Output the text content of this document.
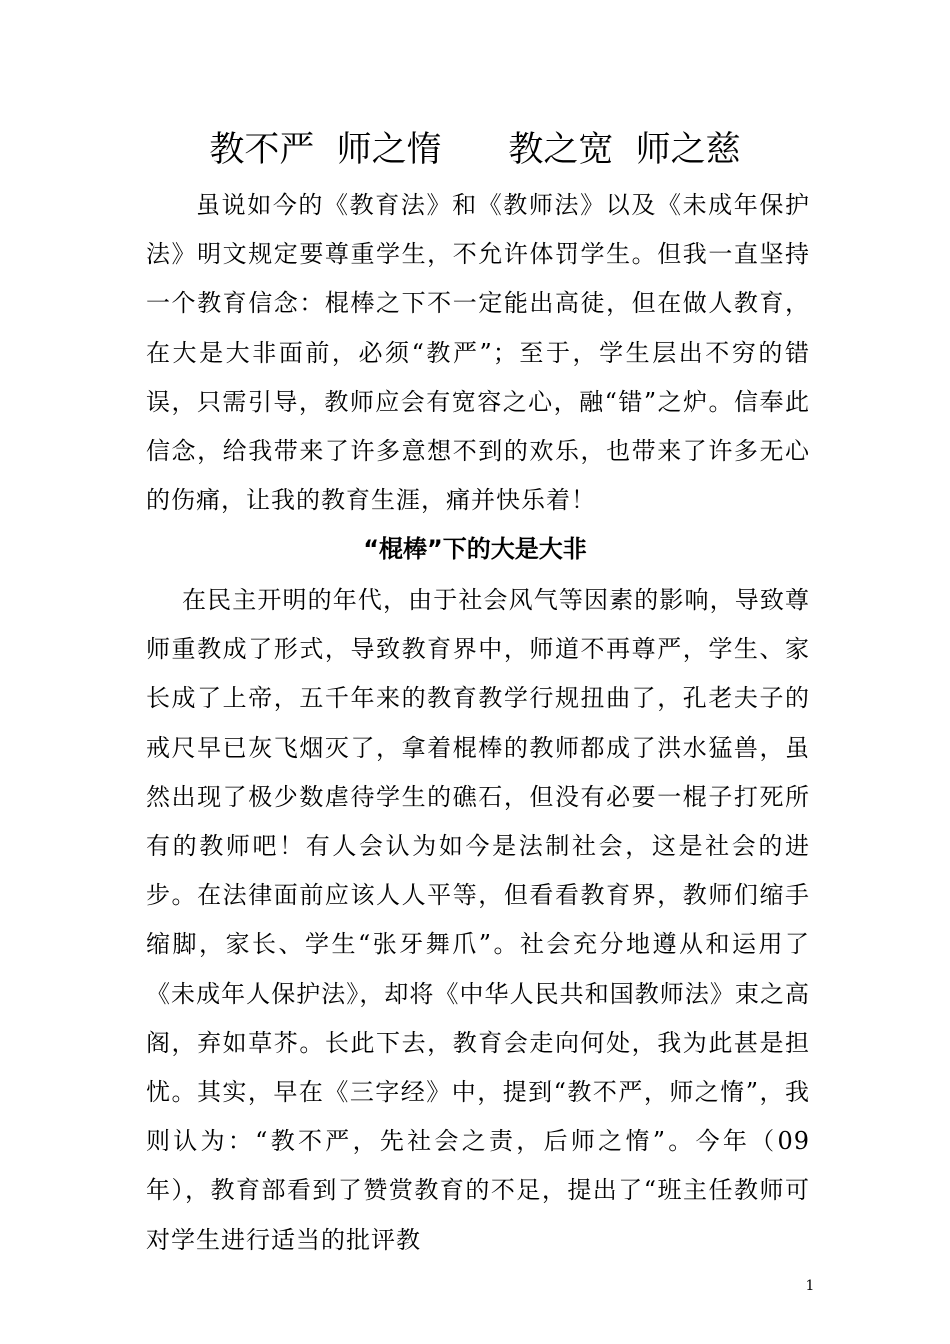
教不严  师之惰      教之宽  师之慈

虽说如今的《教育法》和《教师法》以及《未成年保护法》明文规定要尊重学生，不允许体罚学生。但我一直坚持一个教育信念：棍棒之下不一定能出高徒，但在做人教育，在大是大非面前，必须“教严”；至于，学生层出不穷的错误，只需引导，教师应会有宽容之心，融“错”之炉。信奉此信念，给我带来了许多意想不到的欢乐，也带来了许多无心的伤痛，让我的教育生涯，痛并快乐着！

“棍棒”下的大是大非

在民主开明的年代，由于社会风气等因素的影响，导致尊师重教成了形式，导致教育界中，师道不再尊严，学生、家长成了上帝，五千年来的教育教学行规扭曲了，孔老夫子的戒尺早已灰飞烟灭了，拿着棍棒的教师都成了洪水猛兽，虽然出现了极少数虐待学生的礁石，但没有必要一棍子打死所有的教师吧！有人会认为如今是法制社会，这是社会的进步。在法律面前应该人人平等，但看看教育界，教师们缩手缩脚，家长、学生“张牙舞爪”。社会充分地遵从和运用了《未成年人保护法》，却将《中华人民共和国教师法》束之高阁，弃如草芥。长此下去，教育会走向何处，我为此甚是担忧。其实，早在《三字经》中，提到“教不严，师之惰”，我则认为：“教不严，先社会之责，后师之惰”。今年（09年），教育部看到了赞赏教育的不足，提出了“班主任教师可对学生进行适当的批评教

1
